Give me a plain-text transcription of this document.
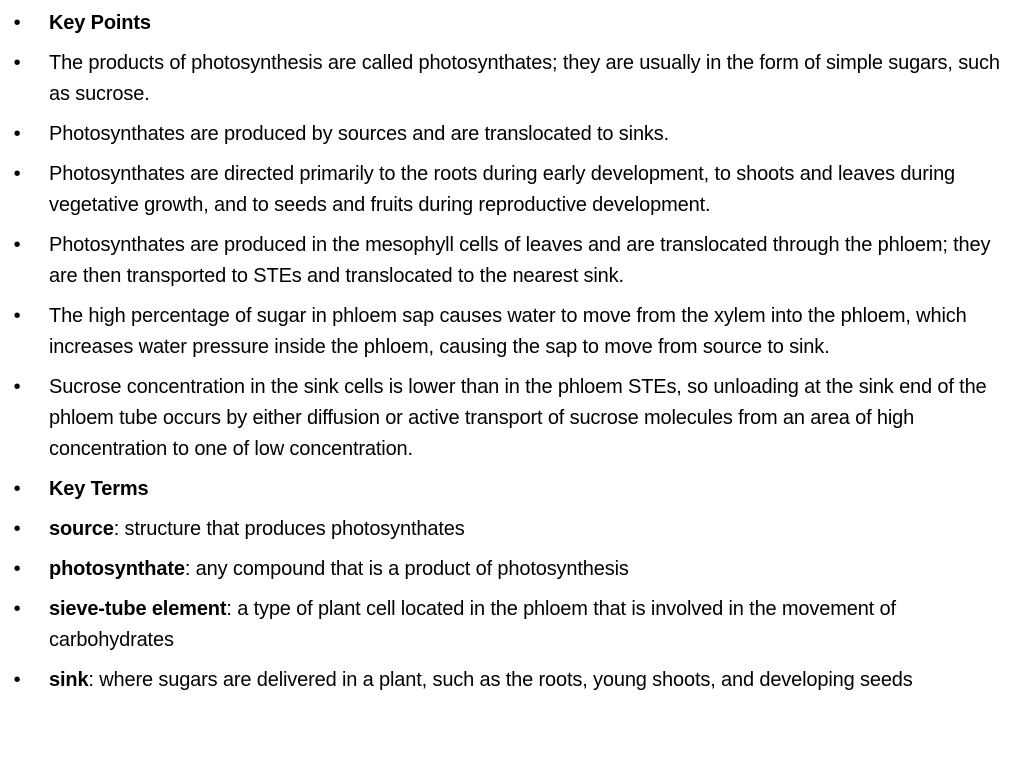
• Key Points
• The products of photosynthesis are called photosynthates; they are usually in the form of simple sugars, such as sucrose.
• Photosynthates are produced by sources and are translocated to sinks.
• Photosynthates are directed primarily to the roots during early development, to shoots and leaves during vegetative growth, and to seeds and fruits during reproductive development.
• Photosynthates are produced in the mesophyll cells of leaves and are translocated through the phloem; they are then transported to STEs and translocated to the nearest sink.
• The high percentage of sugar in phloem sap causes water to move from the xylem into the phloem, which increases water pressure inside the phloem, causing the sap to move from source to sink.
• Sucrose concentration in the sink cells is lower than in the phloem STEs, so unloading at the sink end of the phloem tube occurs by either diffusion or active transport of sucrose molecules from an area of high concentration to one of low concentration.
• Key Terms
• source: structure that produces photosynthates
• photosynthate: any compound that is a product of photosynthesis
• sieve-tube element: a type of plant cell located in the phloem that is involved in the movement of carbohydrates
• sink: where sugars are delivered in a plant, such as the roots, young shoots, and developing seeds
